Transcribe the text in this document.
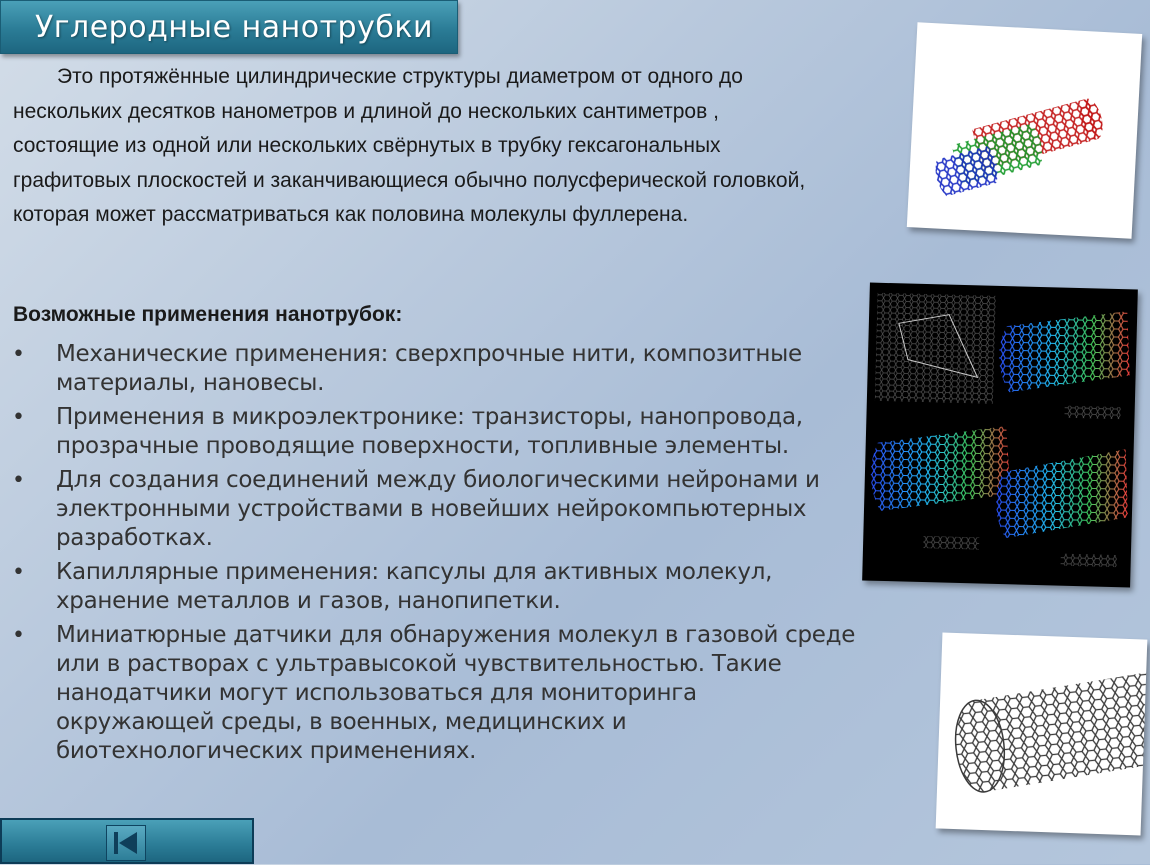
Углеродные нанотрубки

Это протяжённые цилиндрические структуры диаметром от одного до нескольких десятков нанометров и длиной до нескольких сантиметров , состоящие из одной или нескольких свёрнутых в трубку гексагональных графитовых плоскостей и заканчивающиеся обычно полусферической головкой, которая может рассматриваться как половина молекулы фуллерена.

Возможные применения нанотрубок:
• Механические применения: сверхпрочные нити, композитные материалы, нановесы.
• Применения в микроэлектронике: транзисторы, нанопровода, прозрачные проводящие поверхности, топливные элементы.
• Для создания соединений между биологическими нейронами и электронными устройствами в новейших нейрокомпьютерных разработках.
• Капиллярные применения: капсулы для активных молекул, хранение металлов и газов, нанопипетки.
• Миниатюрные датчики для обнаружения молекул в газовой среде или в растворах с ультравысокой чувствительностью. Такие нанодатчики могут использоваться для мониторинга окружающей среды, в военных, медицинских и биотехнологических применениях.
